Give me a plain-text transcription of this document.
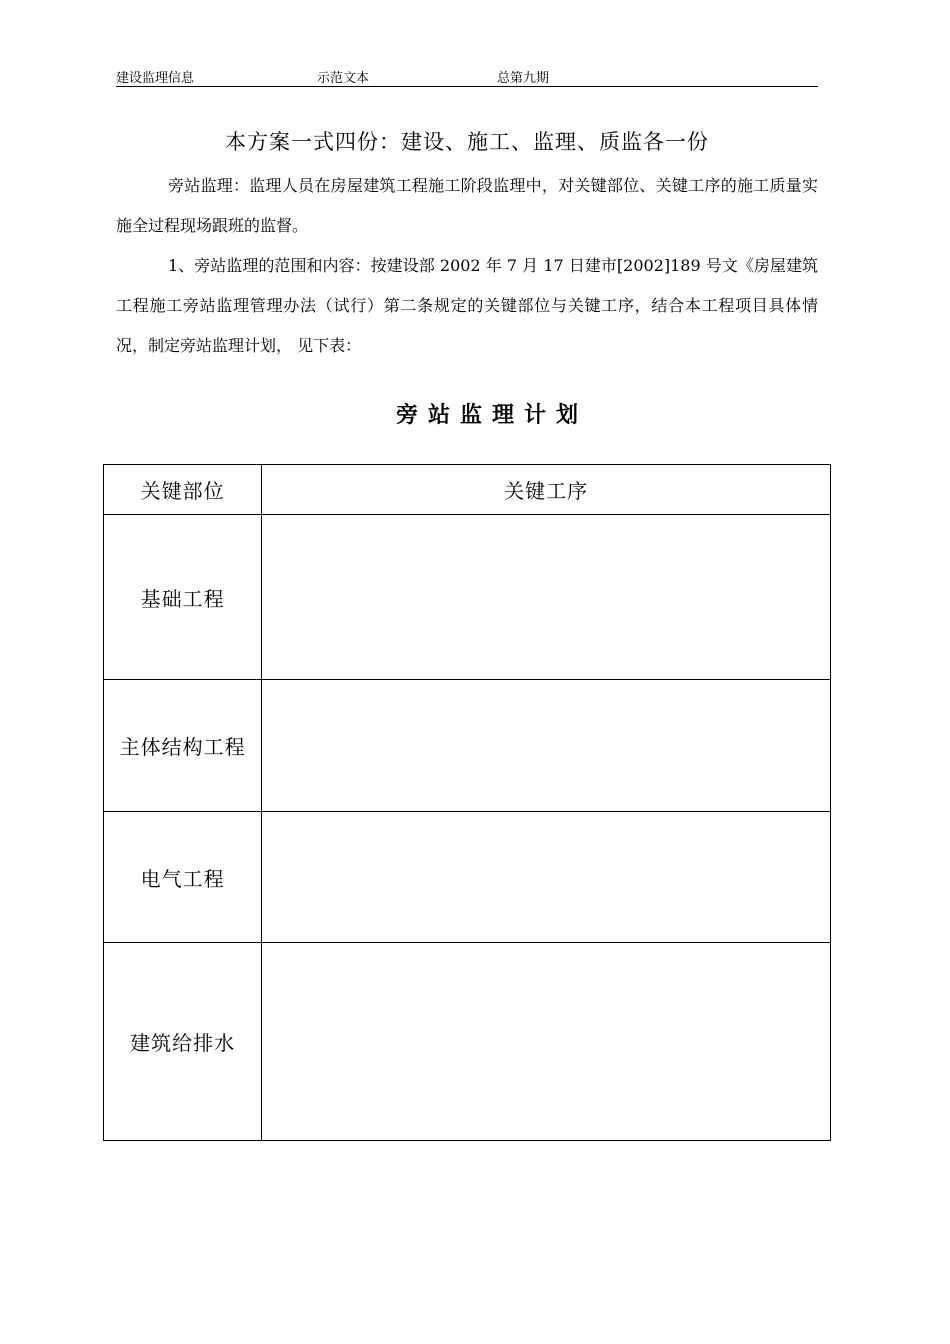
建设监理信息	示范文本	总第九期
本方案一式四份：建设、施工、监理、质监各一份

旁站监理：监理人员在房屋建筑工程施工阶段监理中，对关键部位、关键工序的施工质量实施全过程现场跟班的监督。

1、旁站监理的范围和内容：按建设部 2002 年 7 月 17 日建市[2002]189 号文《房屋建筑工程施工旁站监理管理办法（试行）第二条规定的关键部位与关键工序，结合本工程项目具体情况，制定旁站监理计划， 见下表：

旁站监理计划
关键部位	关键工序
基础工程	
主体结构工程	
电气工程	
建筑给排水	
